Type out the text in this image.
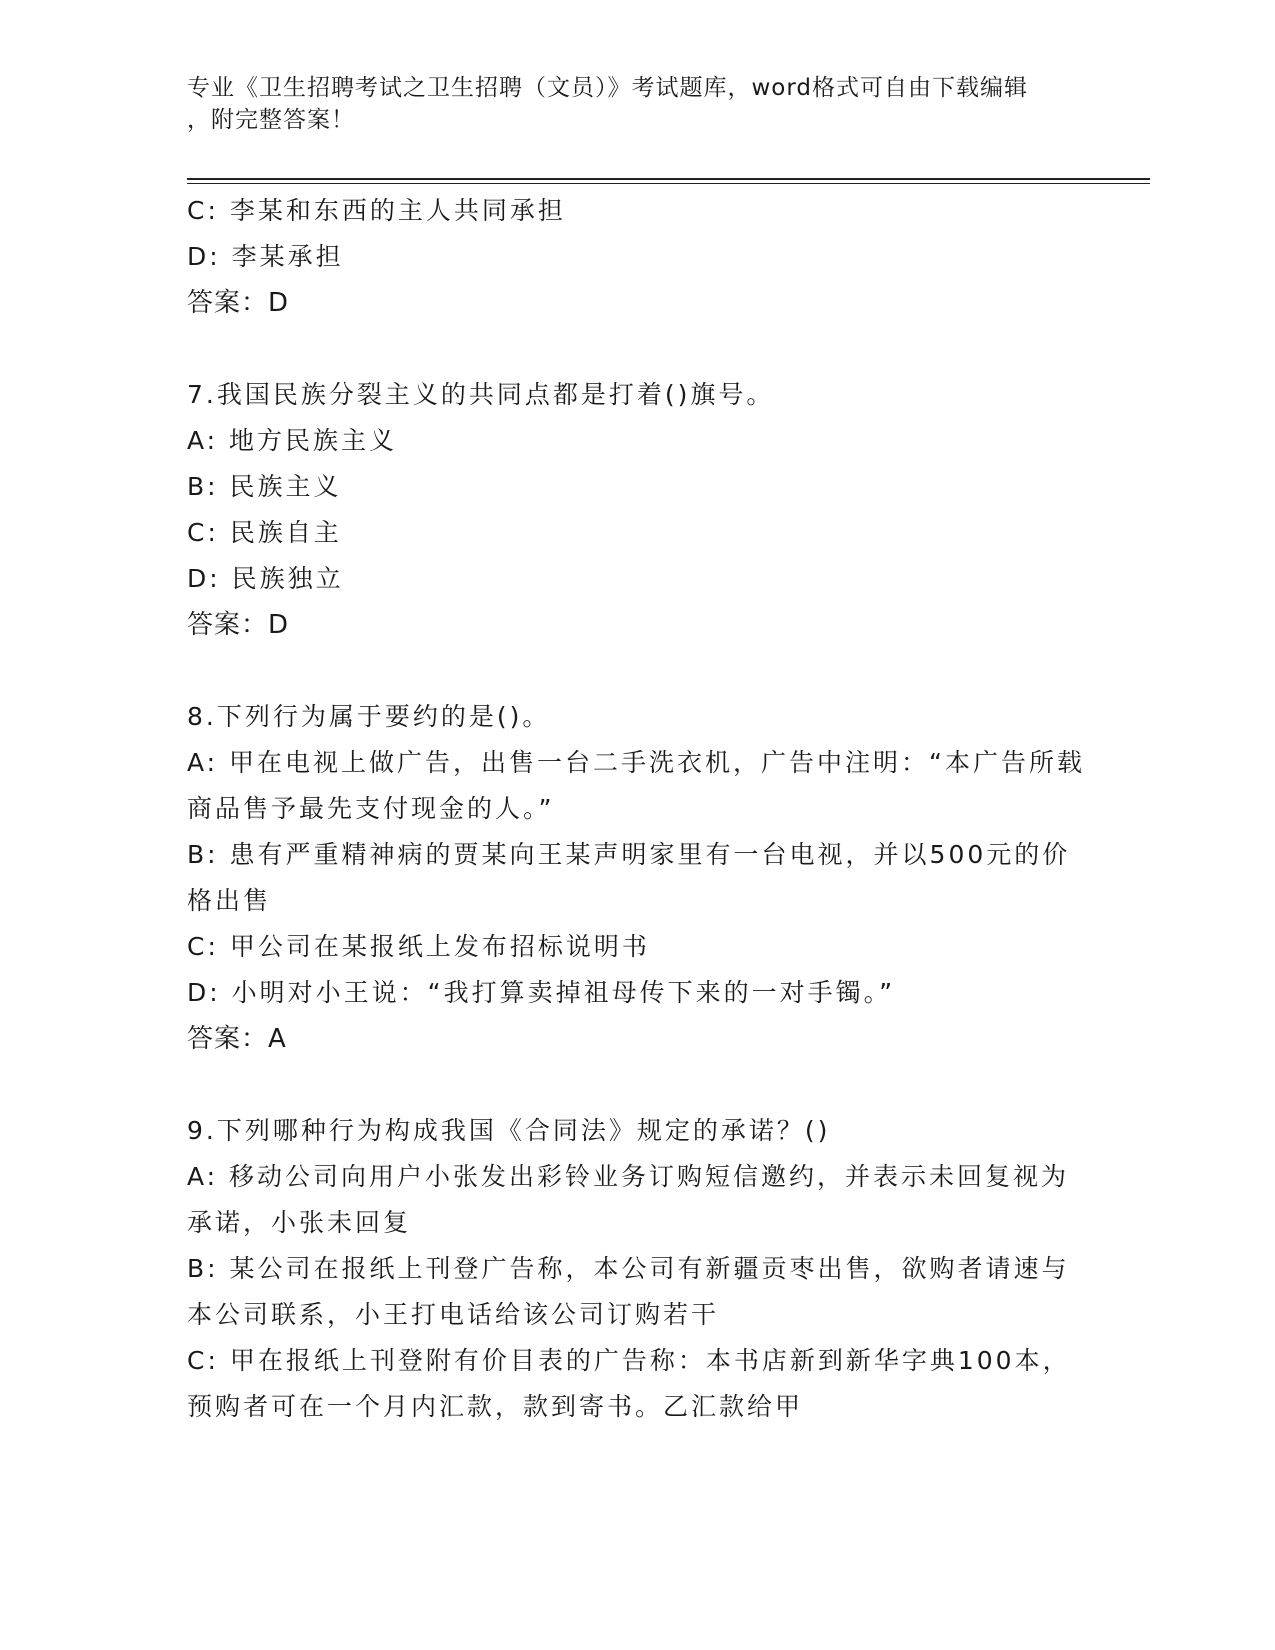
专业《卫生招聘考试之卫生招聘（文员）》考试题库，word格式可自由下载编辑
，附完整答案！
C: 李某和东西的主人共同承担
D: 李某承担
答案：D
7.我国民族分裂主义的共同点都是打着()旗号。
A: 地方民族主义
B: 民族主义
C: 民族自主
D: 民族独立
答案：D
8.下列行为属于要约的是()。
A: 甲在电视上做广告，出售一台二手洗衣机，广告中注明：“本广告所载商品售予最先支付现金的人。”
B: 患有严重精神病的贾某向王某声明家里有一台电视，并以500元的价格出售
C: 甲公司在某报纸上发布招标说明书
D: 小明对小王说：“我打算卖掉祖母传下来的一对手镯。”
答案：A
9.下列哪种行为构成我国《合同法》规定的承诺？()
A: 移动公司向用户小张发出彩铃业务订购短信邀约，并表示未回复视为承诺，小张未回复
B: 某公司在报纸上刊登广告称，本公司有新疆贡枣出售，欲购者请速与本公司联系，小王打电话给该公司订购若干
C: 甲在报纸上刊登附有价目表的广告称：本书店新到新华字典100本，预购者可在一个月内汇款，款到寄书。乙汇款给甲
